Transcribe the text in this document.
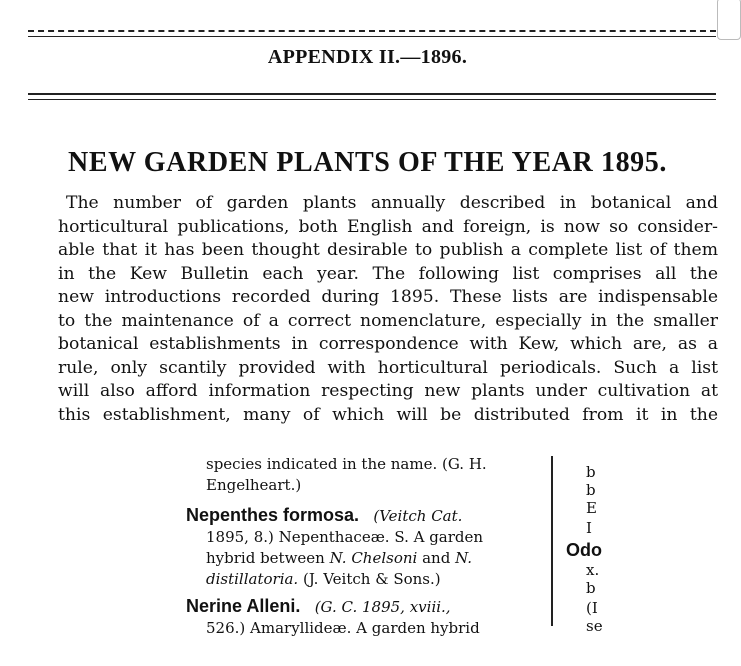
APPENDIX II.—1896.
NEW GARDEN PLANTS OF THE YEAR 1895.
The number of garden plants annually described in botanical and
horticultural publications, both English and foreign, is now so consider-
able that it has been thought desirable to publish a complete list of them
in the Kew Bulletin each year. The following list comprises all the
new introductions recorded during 1895. These lists are indispensable
to the maintenance of a correct nomenclature, especially in the smaller
botanical establishments in correspondence with Kew, which are, as a
rule, only scantily provided with horticultural periodicals. Such a list
will also afford information respecting new plants under cultivation at
this establishment, many of which will be distributed from it in the
species indicated in the name. (G. H.
Engelheart.)
Nepenthes formosa. (Veitch Cat.
1895, 8.) Nepenthaceæ. S. A garden
hybrid between N. Chelsoni and N.
distillatoria. (J. Veitch & Sons.)
Nerine Alleni. (G. C. 1895, xviii.,
526.) Amaryllideæ. A garden hybrid
b
b
E
I
Odo
x.
b
(I
se
